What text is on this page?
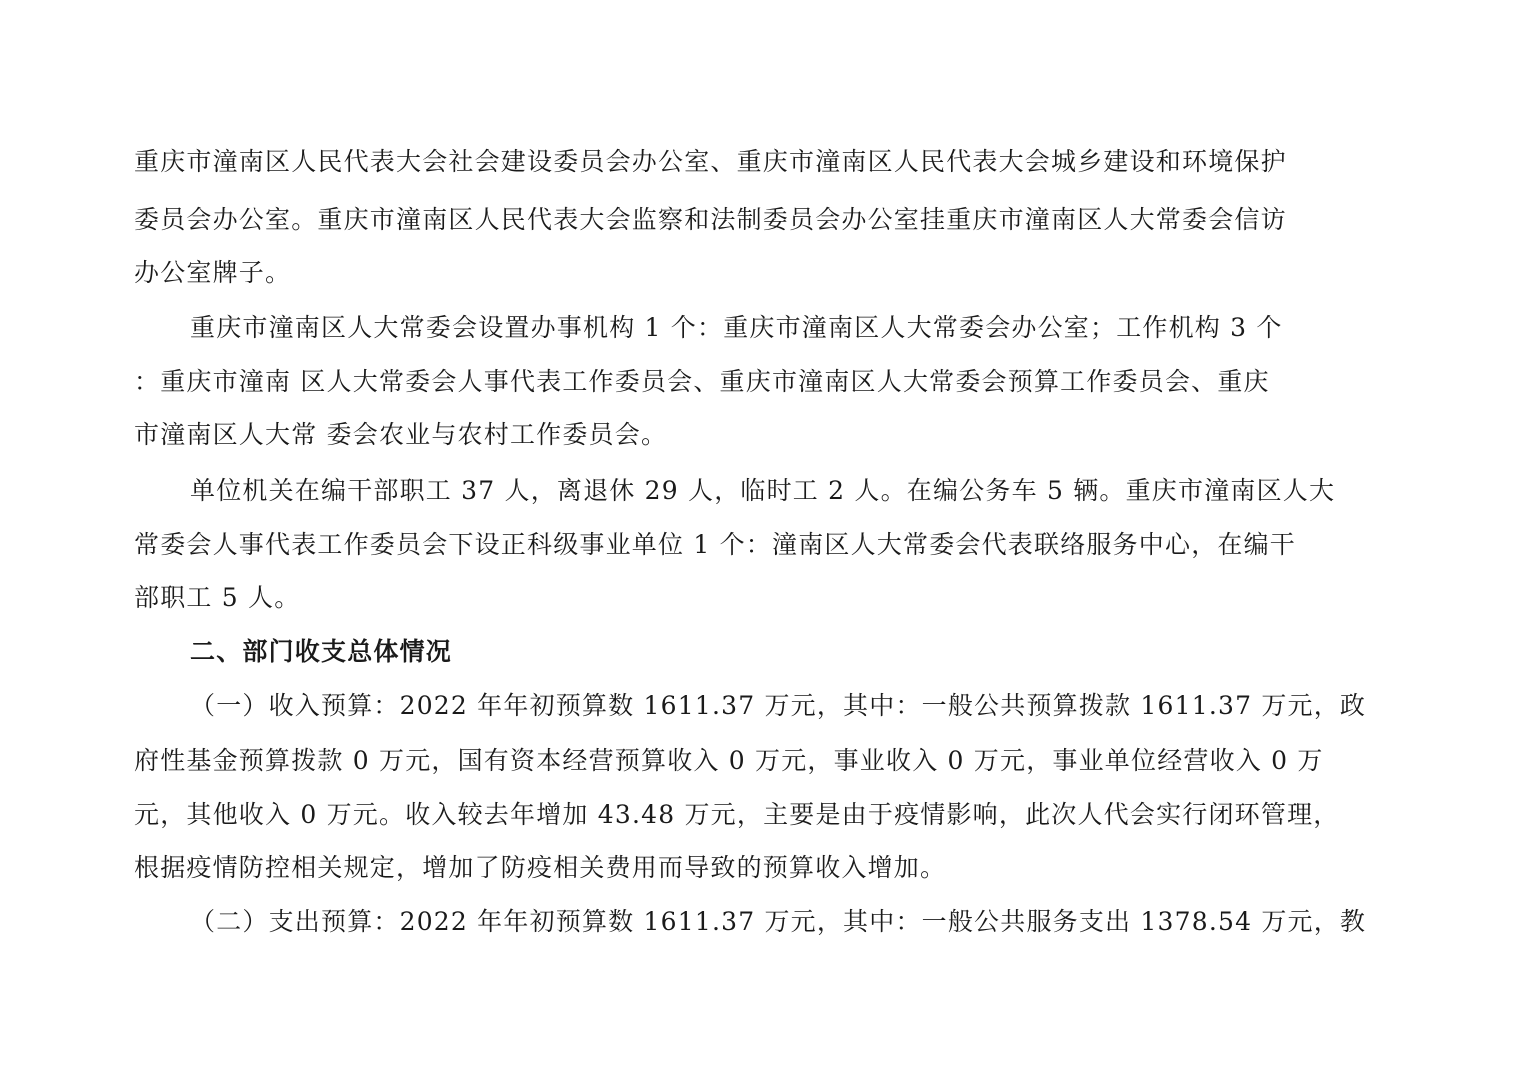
重庆市潼南区人民代表大会社会建设委员会办公室、重庆市潼南区人民代表大会城乡建设和环境保护
委员会办公室。重庆市潼南区人民代表大会监察和法制委员会办公室挂重庆市潼南区人大常委会信访
办公室牌子。
重庆市潼南区人大常委会设置办事机构 1 个：重庆市潼南区人大常委会办公室；工作机构 3 个
：重庆市潼南 区人大常委会人事代表工作委员会、重庆市潼南区人大常委会预算工作委员会、重庆
市潼南区人大常 委会农业与农村工作委员会。
单位机关在编干部职工 37 人，离退休 29 人，临时工 2 人。在编公务车 5 辆。重庆市潼南区人大
常委会人事代表工作委员会下设正科级事业单位 1 个：潼南区人大常委会代表联络服务中心，在编干
部职工 5 人。
二、部门收支总体情况
（一）收入预算：2022 年年初预算数 1611.37 万元，其中：一般公共预算拨款 1611.37 万元，政
府性基金预算拨款 0 万元，国有资本经营预算收入 0 万元，事业收入 0 万元，事业单位经营收入 0 万
元，其他收入 0 万元。收入较去年增加 43.48 万元，主要是由于疫情影响，此次人代会实行闭环管理，
根据疫情防控相关规定，增加了防疫相关费用而导致的预算收入增加。
（二）支出预算：2022 年年初预算数 1611.37 万元，其中：一般公共服务支出 1378.54 万元，教
